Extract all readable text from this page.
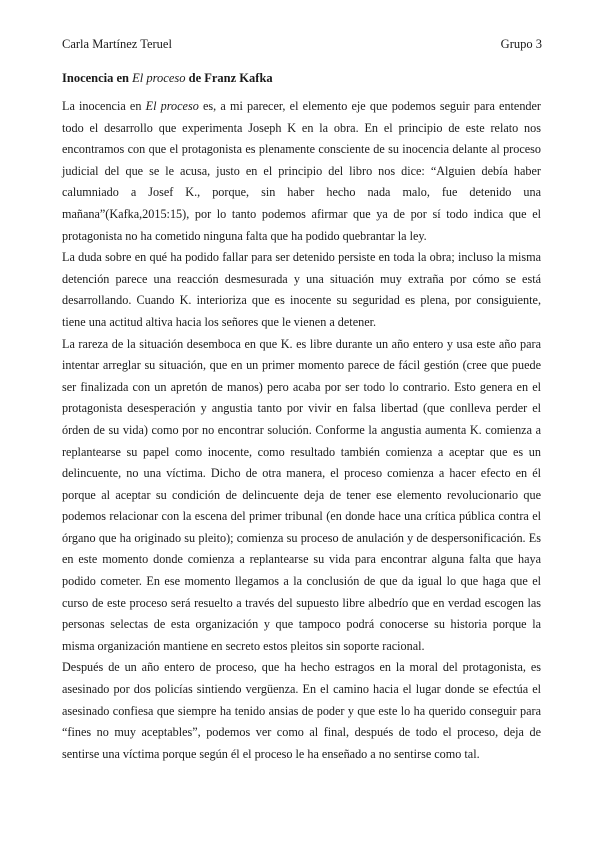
Carla Martínez Teruel	Grupo 3
Inocencia en El proceso de Franz Kafka

La inocencia en El proceso es, a mi parecer, el elemento eje que podemos seguir para entender todo el desarrollo que experimenta Joseph K en la obra. En el principio de este relato nos encontramos con que el protagonista es plenamente consciente de su inocencia delante al proceso judicial del que se le acusa, justo en el principio del libro nos dice: “Alguien debía haber calumniado a Josef K., porque, sin haber hecho nada malo, fue detenido una mañana”(Kafka,2015:15), por lo tanto podemos afirmar que ya de por sí todo indica que el protagonista no ha cometido ninguna falta que ha podido quebrantar la ley.

La duda sobre en qué ha podido fallar para ser detenido persiste en toda la obra; incluso la misma detención parece una reacción desmesurada y una situación muy extraña por cómo se está desarrollando. Cuando K. interioriza que es inocente su seguridad es plena, por consiguiente, tiene una actitud altiva hacia los señores que le vienen a detener.

La rareza de la situación desemboca en que K. es libre durante un año entero y usa este año para intentar arreglar su situación, que en un primer momento parece de fácil gestión (cree que puede ser finalizada con un apretón de manos) pero acaba por ser todo lo contrario. Esto genera en el protagonista desesperación y angustia tanto por vivir en falsa libertad (que conlleva perder el órden de su vida) como por no encontrar solución. Conforme la angustia aumenta K. comienza a replantearse su papel como inocente, como resultado también comienza a aceptar que es un delincuente, no una víctima. Dicho de otra manera, el proceso comienza a hacer efecto en él porque al aceptar su condición de delincuente deja de tener ese elemento revolucionario que podemos relacionar con la escena del primer tribunal (en donde hace una crítica pública contra el órgano que ha originado su pleito); comienza su proceso de anulación y de despersonificación. Es en este momento donde comienza a replantearse su vida para encontrar alguna falta que haya podido cometer. En ese momento llegamos a la conclusión de que da igual lo que haga que el curso de este proceso será resuelto a través del supuesto libre albedrío que en verdad escogen las personas selectas de esta organización y que tampoco podrá conocerse su historia porque la misma organización mantiene en secreto estos pleitos sin soporte racional.

Después de un año entero de proceso, que ha hecho estragos en la moral del protagonista, es asesinado por dos policías sintiendo vergüenza. En el camino hacia el lugar donde se efectúa el asesinado confiesa que siempre ha tenido ansias de poder y que este lo ha querido conseguir para “fines no muy aceptables”, podemos ver como al final, después de todo el proceso, deja de sentirse una víctima porque según él el proceso le ha enseñado a no sentirse como tal.
